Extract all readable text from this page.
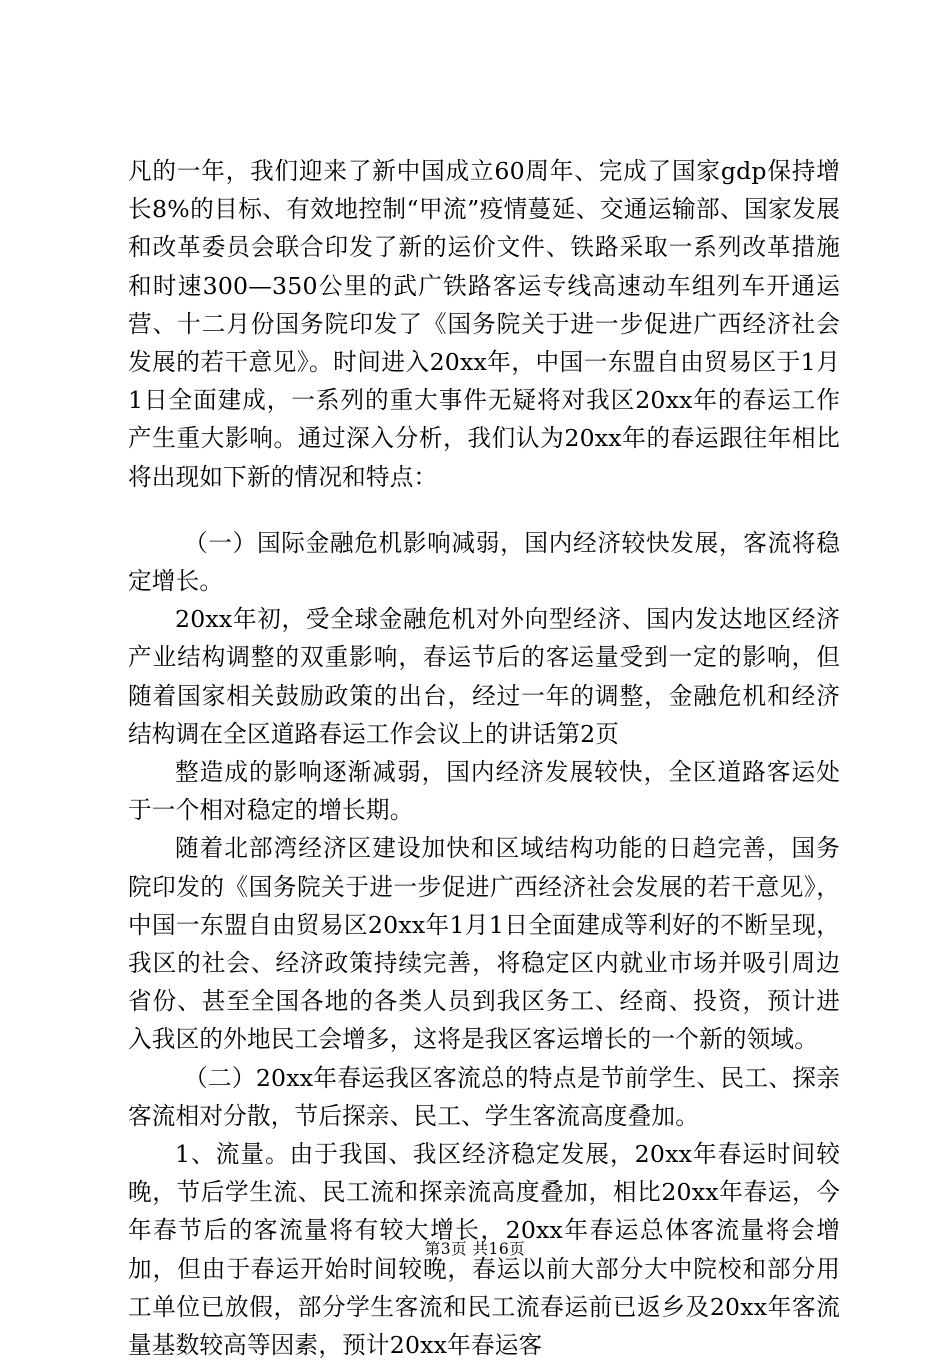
凡的一年，我们迎来了新中国成立60周年、完成了国家gdp保持增长8%的目标、有效地控制“甲流”疫情蔓延、交通运输部、国家发展和改革委员会联合印发了新的运价文件、铁路采取一系列改革措施和时速300—350公里的武广铁路客运专线高速动车组列车开通运营、十二月份国务院印发了《国务院关于进一步促进广西经济社会发展的若干意见》。时间进入20xx年，中国一东盟自由贸易区于1月1日全面建成，一系列的重大事件无疑将对我区20xx年的春运工作产生重大影响。通过深入分析，我们认为20xx年的春运跟往年相比将出现如下新的情况和特点：

（一）国际金融危机影响减弱，国内经济较快发展，客流将稳定增长。

20xx年初，受全球金融危机对外向型经济、国内发达地区经济产业结构调整的双重影响，春运节后的客运量受到一定的影响，但随着国家相关鼓励政策的出台，经过一年的调整，金融危机和经济结构调在全区道路春运工作会议上的讲话第2页

整造成的影响逐渐减弱，国内经济发展较快，全区道路客运处于一个相对稳定的增长期。

随着北部湾经济区建设加快和区域结构功能的日趋完善，国务院印发的《国务院关于进一步促进广西经济社会发展的若干意见》，中国一东盟自由贸易区20xx年1月1日全面建成等利好的不断呈现，我区的社会、经济政策持续完善，将稳定区内就业市场并吸引周边省份、甚至全国各地的各类人员到我区务工、经商、投资，预计进入我区的外地民工会增多，这将是我区客运增长的一个新的领域。

（二）20xx年春运我区客流总的特点是节前学生、民工、探亲客流相对分散，节后探亲、民工、学生客流高度叠加。

1、流量。由于我国、我区经济稳定发展，20xx年春运时间较晚，节后学生流、民工流和探亲流高度叠加，相比20xx年春运，今年春节后的客流量将有较大增长，20xx年春运总体客流量将会增加，但由于春运开始时间较晚，春运以前大部分大中院校和部分用工单位已放假，部分学生客流和民工流春运前已返乡及20xx年客流量基数较高等因素，预计20xx年春运客

第3页 共16页
